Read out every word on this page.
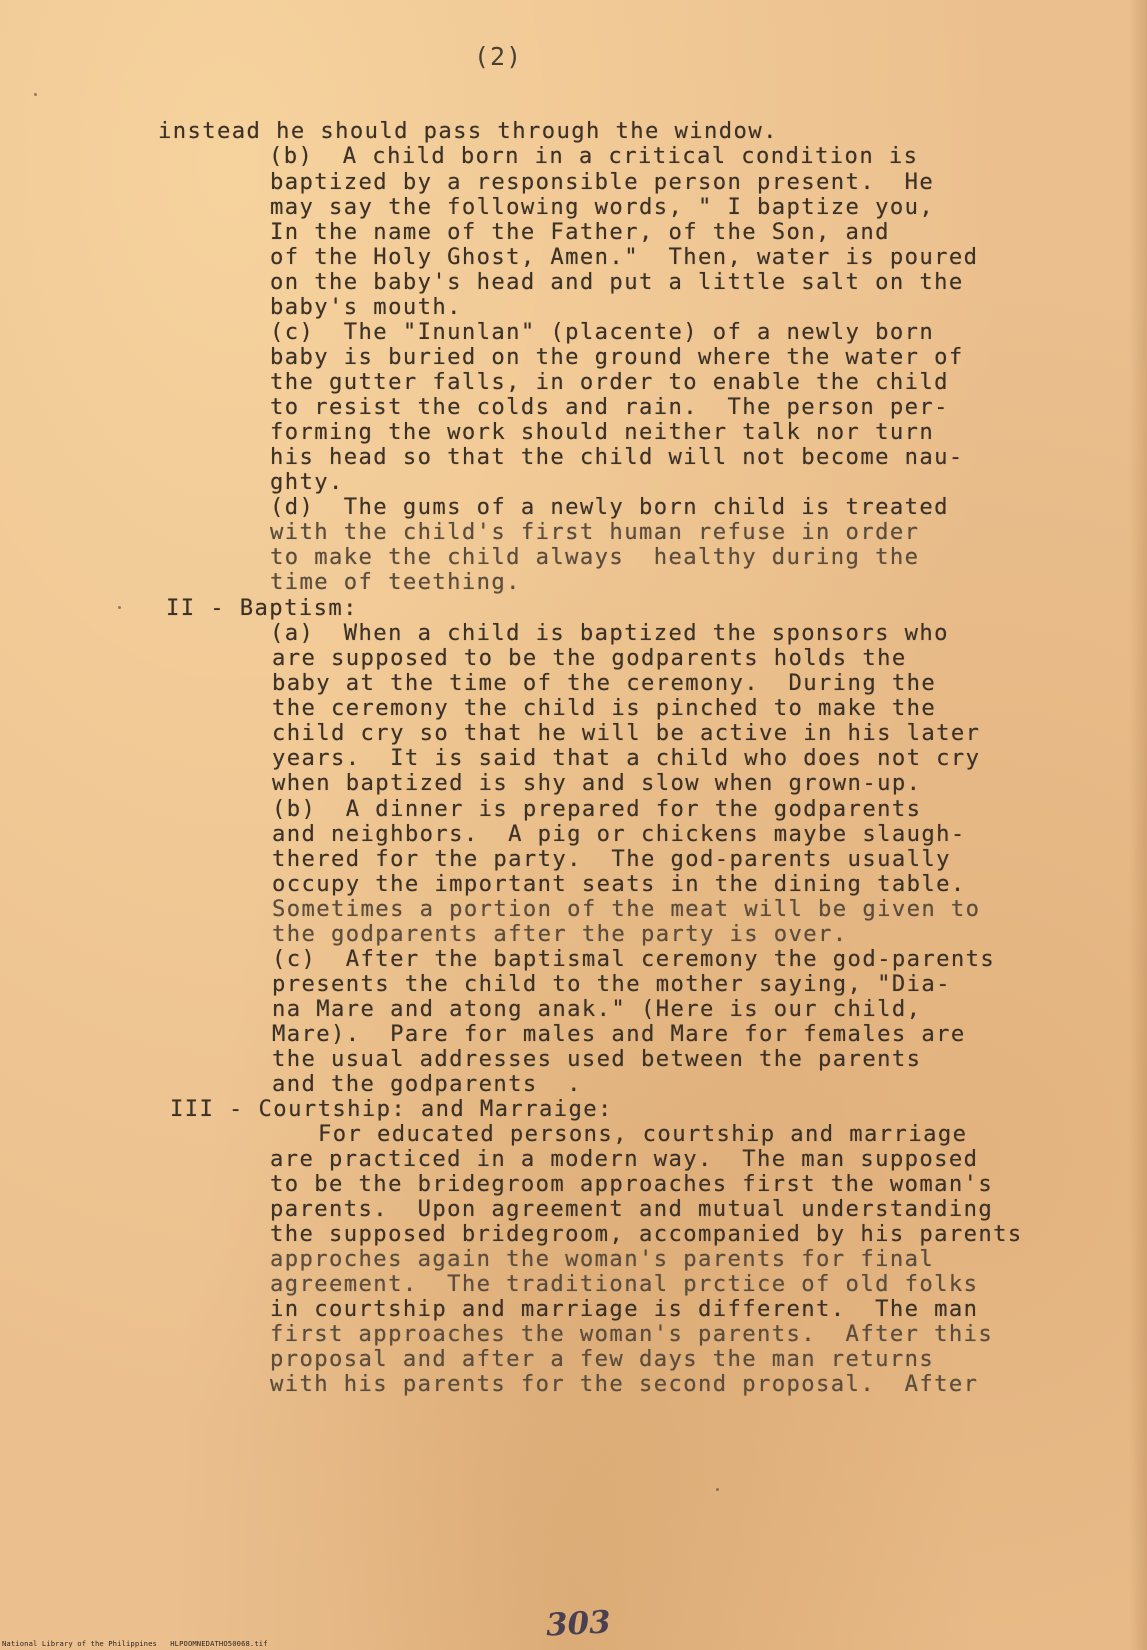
(2)
instead he should pass through the window.
(b)  A child born in a critical condition is
baptized by a responsible person present.  He
may say the following words, " I baptize you,
In the name of the Father, of the Son, and
of the Holy Ghost, Amen."  Then, water is poured
on the baby's head and put a little salt on the
baby's mouth.
(c)  The "Inunlan" (placente) of a newly born
baby is buried on the ground where the water of
the gutter falls, in order to enable the child
to resist the colds and rain.  The person per-
forming the work should neither talk nor turn
his head so that the child will not become nau-
ghty.
(d)  The gums of a newly born child is treated
with the child's first human refuse in order
to make the child always  healthy during the
time of teething.
II - Baptism:
(a)  When a child is baptized the sponsors who
are supposed to be the godparents holds the
baby at the time of the ceremony.  During the
the ceremony the child is pinched to make the
child cry so that he will be active in his later
years.  It is said that a child who does not cry
when baptized is shy and slow when grown-up.
(b)  A dinner is prepared for the godparents
and neighbors.  A pig or chickens maybe slaugh-
thered for the party.  The god-parents usually
occupy the important seats in the dining table.
Sometimes a portion of the meat will be given to
the godparents after the party is over.
(c)  After the baptismal ceremony the god-parents
presents the child to the mother saying, "Dia-
na Mare and atong anak." (Here is our child,
Mare).  Pare for males and Mare for females are
the usual addresses used between the parents
and the godparents  .
III - Courtship: and Marraige:
For educated persons, courtship and marriage
are practiced in a modern way.  The man supposed
to be the bridegroom approaches first the woman's
parents.  Upon agreement and mutual understanding
the supposed bridegroom, accompanied by his parents
approches again the woman's parents for final
agreement.  The traditional prctice of old folks
in courtship and marriage is different.  The man
first approaches the woman's parents.  After this
proposal and after a few days the man returns
with his parents for the second proposal.  After
303
National Library of the Philippines   HLPOOMNEDATHO50068.tif
